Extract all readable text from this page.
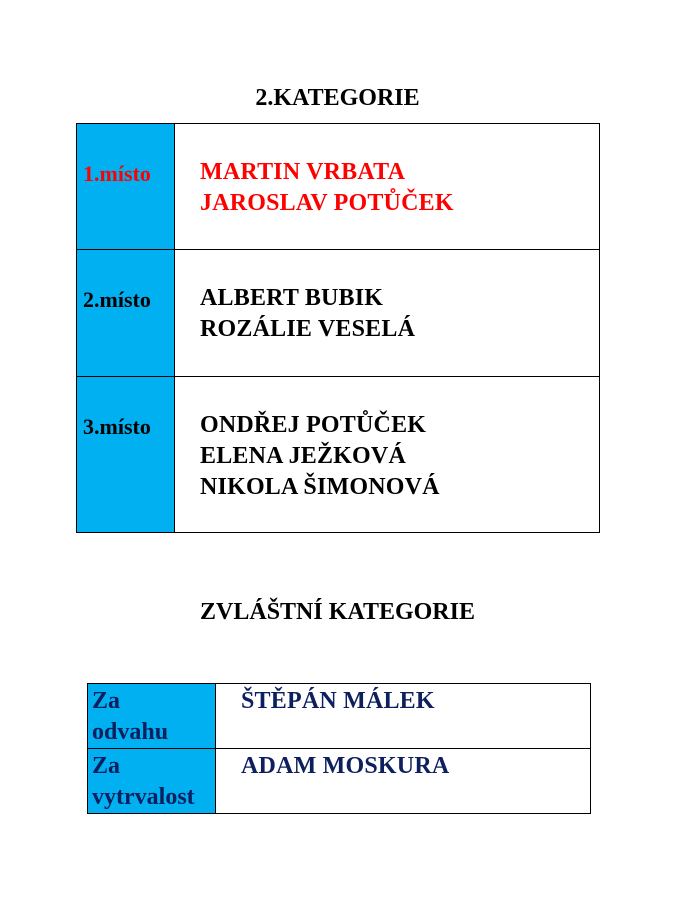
2.KATEGORIE
1.místo	MARTIN VRBATA
JAROSLAV POTŮČEK

2.místo	ALBERT BUBIK
ROZÁLIE VESELÁ

3.místo	ONDŘEJ POTŮČEK
ELENA JEŽKOVÁ
NIKOLA ŠIMONOVÁ
ZVLÁŠTNÍ KATEGORIE
Za
odvahu	ŠTĚPÁN MÁLEK

Za
vytrvalost	ADAM MOSKURA
